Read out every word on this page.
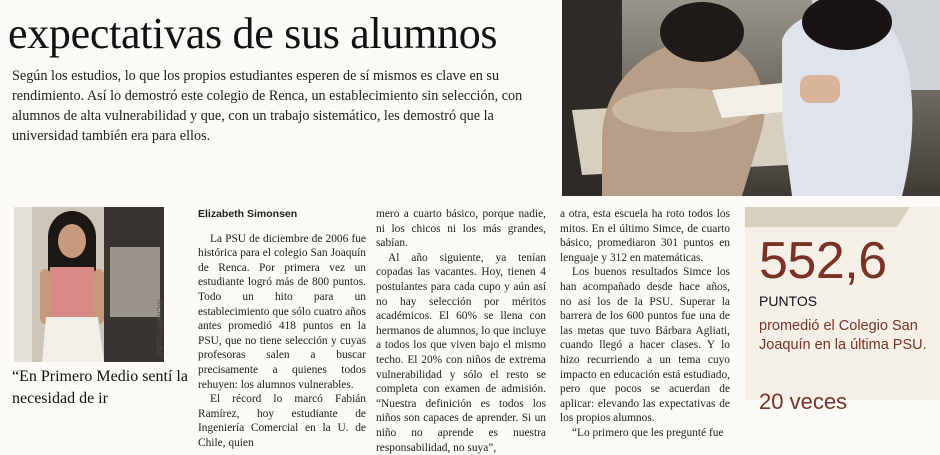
expectativas de sus alumnos

Según los estudios, lo que los propios estudiantes esperen de sí mismos es clave en su rendimiento. Así lo demostró este colegio de Renca, un establecimiento sin selección, con alumnos de alta vulnerabilidad y que, con un trabajo sistemático, les demostró que la universidad también era para ellos.

RICHARD ULLOA
“En Primero Medio sentí la necesidad de ir
Elizabeth Simonsen

La PSU de diciembre de 2006 fue histórica para el colegio San Joaquín de Renca. Por primera vez un estudiante logró más de 800 puntos. Todo un hito para un establecimiento que sólo cuatro años antes promedió 418 puntos en la PSU, que no tiene selección y cuyas profesoras salen a buscar precisamente a quienes todos rehuyen: los alumnos vulnerables.

El récord lo marcó Fabián Ramírez, hoy estudiante de Ingeniería Comercial en la U. de Chile, quien

mero a cuarto básico, porque nadie, ni los chicos ni los más grandes, sabían.

Al año siguiente, ya tenían copadas las vacantes. Hoy, tienen 4 postulantes para cada cupo y aún así no hay selección por méritos académicos. El 60% se llena con hermanos de alumnos, lo que incluye a todos los que viven bajo el mismo techo. El 20% con niños de extrema vulnerabilidad y sólo el resto se completa con examen de admisión. “Nuestra definición es todos los niños son capaces de aprender. Si un niño no aprende es nuestra responsabilidad, no suya”,

a otra, esta escuela ha roto todos los mitos. En el último Simce, de cuarto básico, promediaron 301 puntos en lenguaje y 312 en matemáticas.

Los buenos resultados Simce los han acompañado desde hace años, no así los de la PSU. Superar la barrera de los 600 puntos fue una de las metas que tuvo Bárbara Agliati, cuando llegó a hacer clases. Y lo hizo recurriendo a un tema cuyo impacto en educación está estudiado, pero que pocos se acuerdan de aplicar: elevando las expectativas de los propios alumnos.

“Lo primero que les pregunté fue

552,6
PUNTOS
promedió el Colegio San Joaquín en la última PSU.
20 veces
